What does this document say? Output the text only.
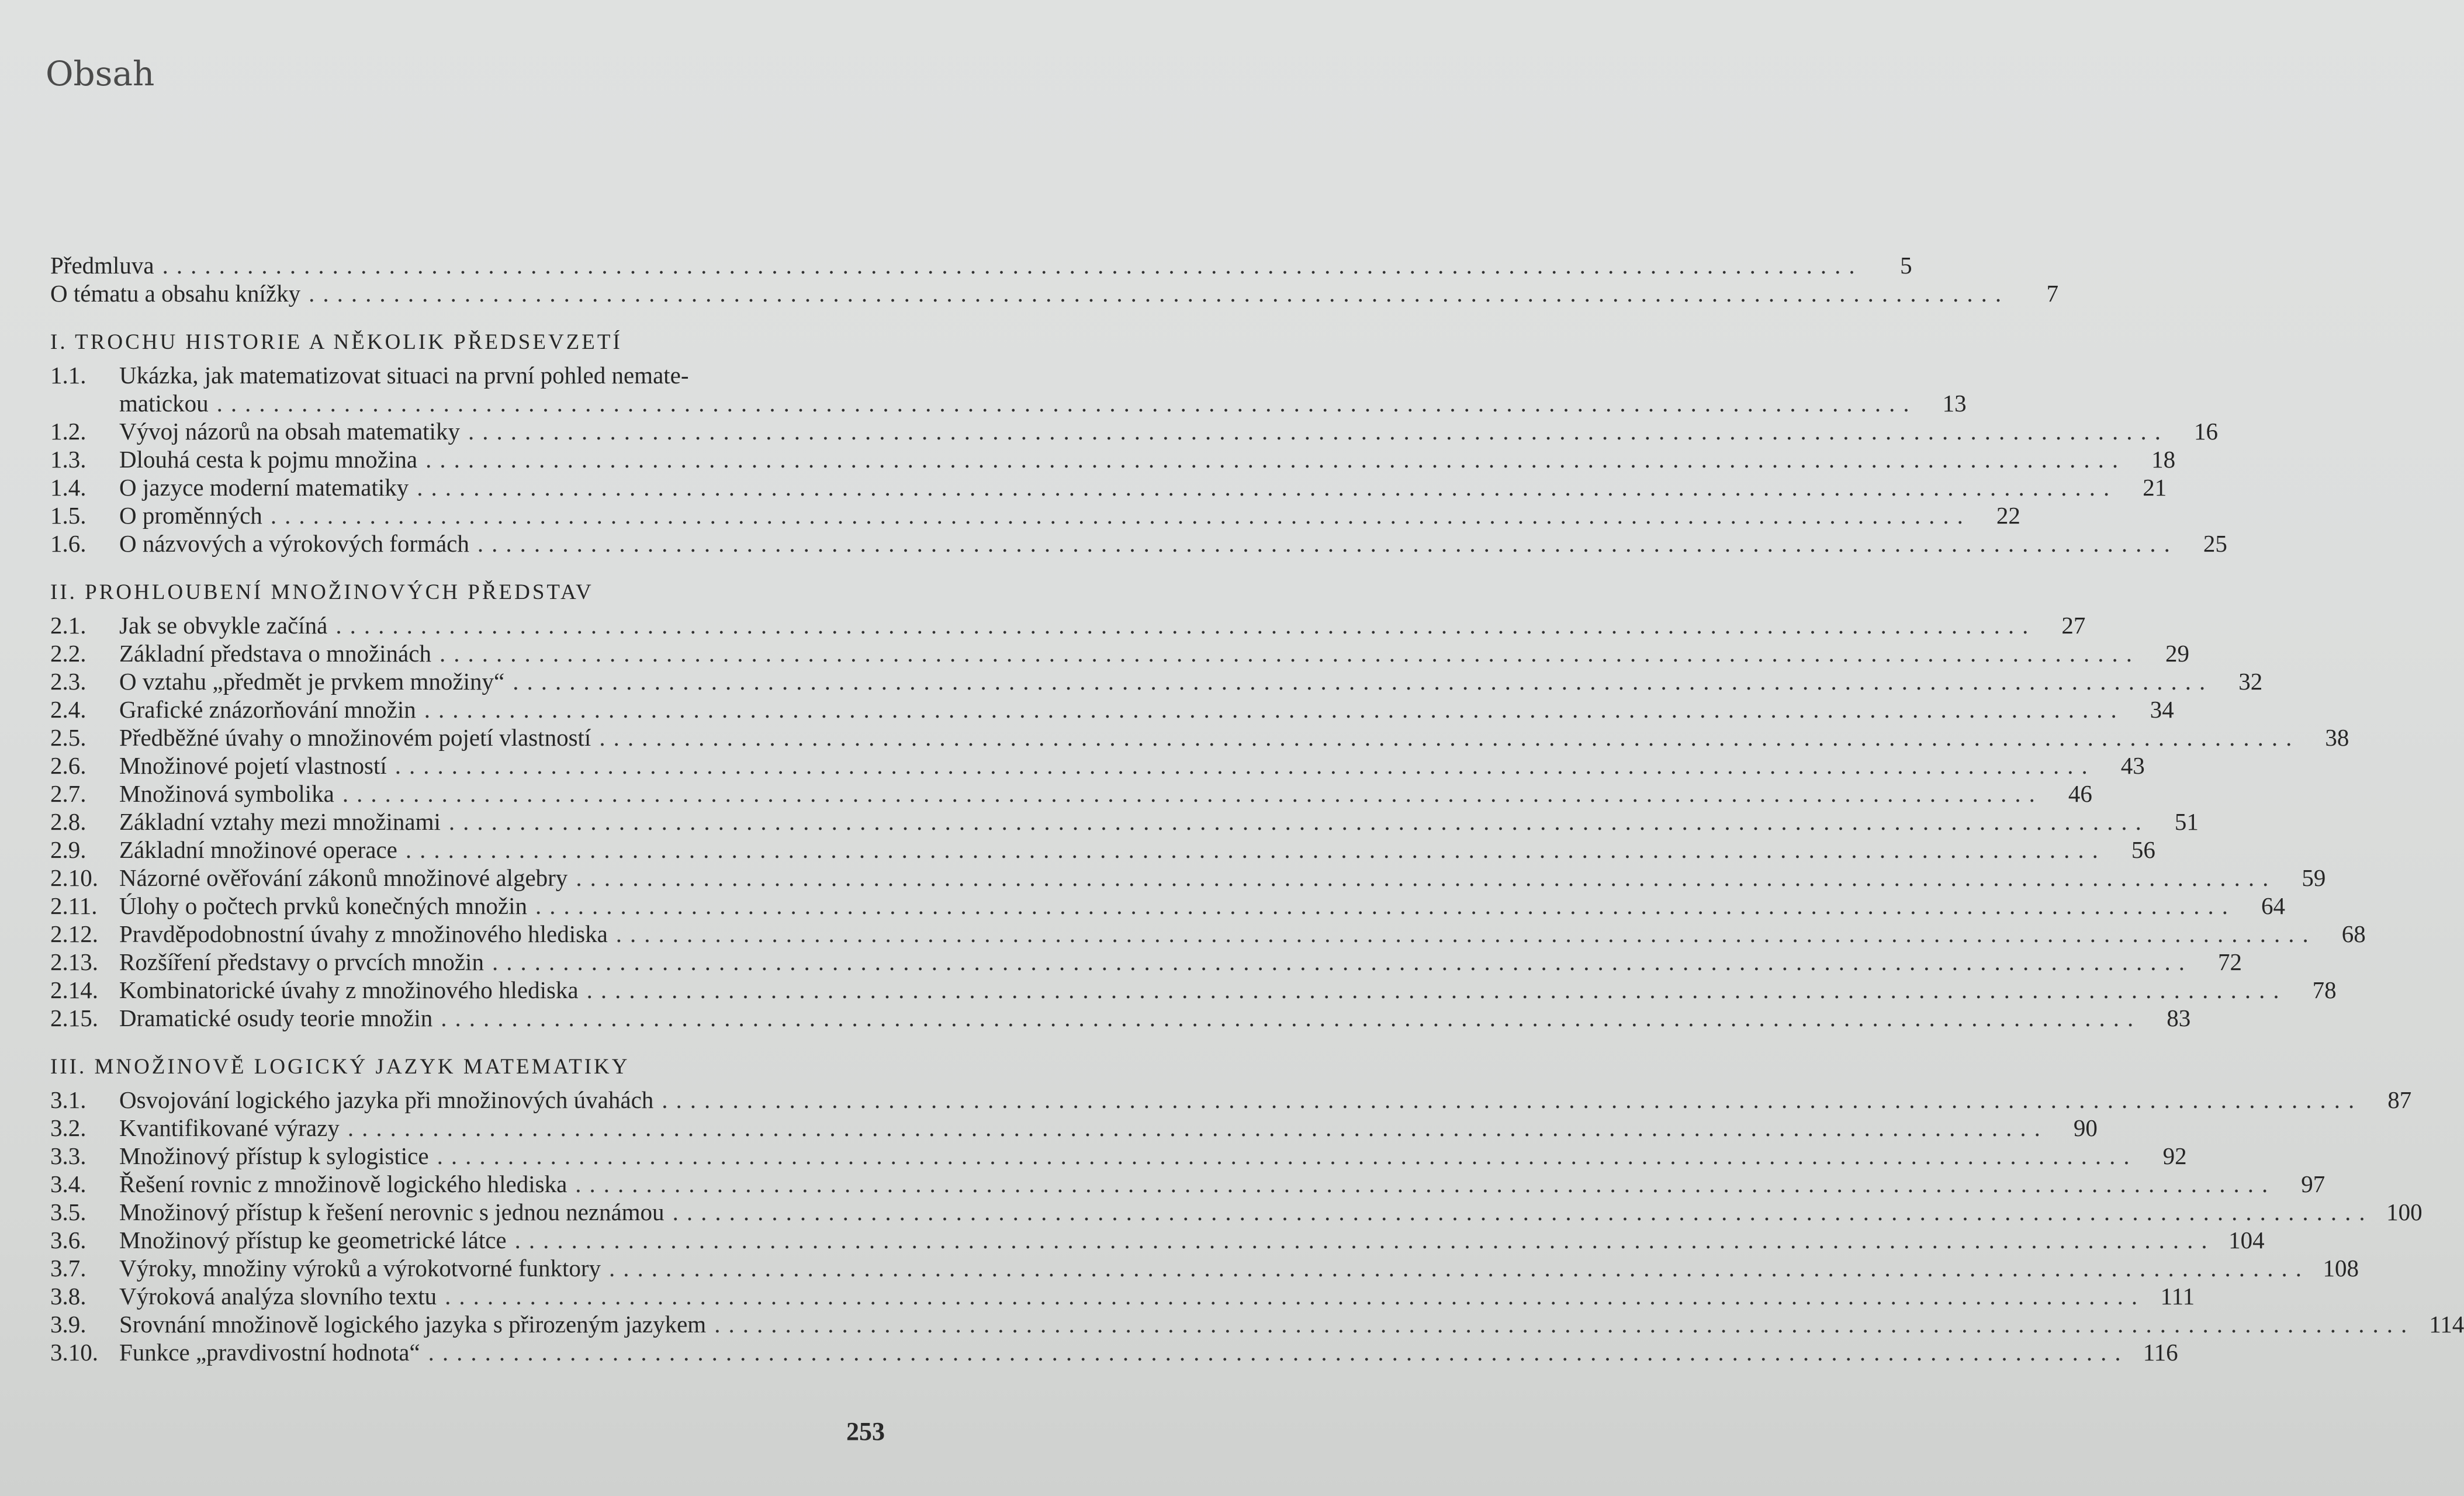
Obsah
Předmluva ........................................................................................................................	5
O tématu a obsahu knížky ........................................................................................................................	7
I. TROCHU HISTORIE A NĚKOLIK PŘEDSEVZETÍ
1.1.	Ukázka, jak matematizovat situaci na první pohled nemate-
matickou ........................................................................................................................	13
1.2.	Vývoj názorů na obsah matematiky ........................................................................................................................	16
1.3.	Dlouhá cesta k pojmu množina ........................................................................................................................	18
1.4.	O jazyce moderní matematiky ........................................................................................................................	21
1.5.	O proměnných ........................................................................................................................	22
1.6.	O názvových a výrokových formách ........................................................................................................................	25
II. PROHLOUBENÍ MNOŽINOVÝCH PŘEDSTAV
2.1.	Jak se obvykle začíná ........................................................................................................................	27
2.2.	Základní představa o množinách ........................................................................................................................	29
2.3.	O vztahu „předmět je prvkem množiny“ ........................................................................................................................	32
2.4.	Grafické znázorňování množin ........................................................................................................................	34
2.5.	Předběžné úvahy o množinovém pojetí vlastností ........................................................................................................................	38
2.6.	Množinové pojetí vlastností ........................................................................................................................	43
2.7.	Množinová symbolika ........................................................................................................................	46
2.8.	Základní vztahy mezi množinami ........................................................................................................................	51
2.9.	Základní množinové operace ........................................................................................................................	56
2.10. Názorné ověřování zákonů množinové algebry ........................................................................................................................	59
2.11. Úlohy o počtech prvků konečných množin ........................................................................................................................	64
2.12. Pravděpodobnostní úvahy z množinového hlediska ........................................................................................................................	68
2.13. Rozšíření představy o prvcích množin ........................................................................................................................	72
2.14. Kombinatorické úvahy z množinového hlediska ........................................................................................................................	78
2.15. Dramatické osudy teorie množin ........................................................................................................................	83
III. MNOŽINOVĚ LOGICKÝ JAZYK MATEMATIKY
3.1.	Osvojování logického jazyka při množinových úvahách ........................................................................................................................	87
3.2.	Kvantifikované výrazy ........................................................................................................................	90
3.3.	Množinový přístup k sylogistice ........................................................................................................................	92
3.4.	Řešení rovnic z množinově logického hlediska ........................................................................................................................	97
3.5.	Množinový přístup k řešení nerovnic s jednou neznámou ........................................................................................................................ 100
3.6.	Množinový přístup ke geometrické látce ........................................................................................................................ 104
3.7.	Výroky, množiny výroků a výrokotvorné funktory ........................................................................................................................ 108
3.8.	Výroková analýza slovního textu ........................................................................................................................ 111
3.9.	Srovnání množinově logického jazyka s přirozeným jazykem ........................................................................................................................ 114
3.10. Funkce „pravdivostní hodnota“ ........................................................................................................................ 116
253
